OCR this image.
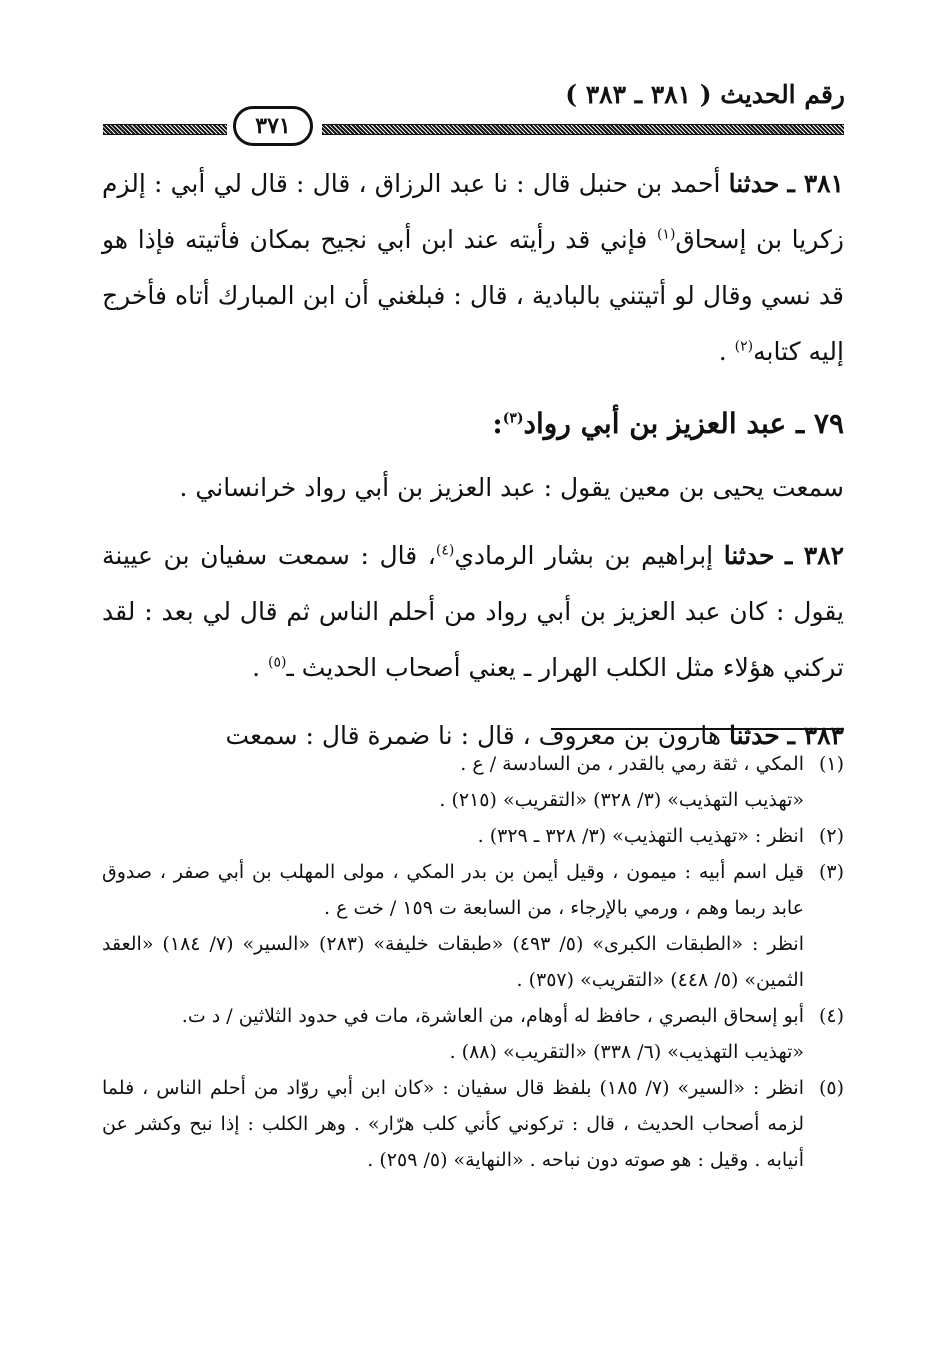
رقم الحديث ( ٣٨١ ـ ٣٨٣ )
٣٧١

٣٨١ ـ حدثنا أحمد بن حنبل قال : نا عبد الرزاق ، قال : قال لي أبي : إلزم زكريا بن إسحاق$^{(١)}$ فإني قد رأيته عند ابن أبي نجيح بمكان فأتيته فإذا هو قد نسي وقال لو أتيتني بالبادية ، قال : فبلغني أن ابن المبارك أتاه فأخرج إليه كتابه$^{(٢)}$ .

٧٩ ـ عبد العزيز بن أبي رواد$^{(٣)}$:

سمعت يحيى بن معين يقول : عبد العزيز بن أبي رواد خرانساني .

٣٨٢ ـ حدثنا إبراهيم بن بشار الرمادي$^{(٤)}$، قال : سمعت سفيان بن عيينة يقول : كان عبد العزيز بن أبي رواد من أحلم الناس ثم قال لي بعد : لقد تركني هؤلاء مثل الكلب الهرار ـ يعني أصحاب الحديث ـ$^{(٥)}$ .

٣٨٣ ـ حدثنا هارون بن معروف ، قال : نا ضمرة قال : سمعت

(١)
المكي ، ثقة رمي بالقدر ، من السادسة / ع .
«تهذيب التهذيب» (٣/ ٣٢٨) «التقريب» (٢١٥) .

(٢)
انظر : «تهذيب التهذيب» (٣/ ٣٢٨ ـ ٣٢٩) .

(٣)
قيل اسم أبيه : ميمون ، وقيل أيمن بن بدر المكي ، مولى المهلب بن أبي صفر ، صدوق عابد ربما وهم ، ورمي بالإرجاء ، من السابعة ت ١٥٩ / خت ع .
انظر : «الطبقات الكبرى» (٥/ ٤٩٣) «طبقات خليفة» (٢٨٣) «السير» (٧/ ١٨٤) «العقد الثمين» (٥/ ٤٤٨) «التقريب» (٣٥٧) .

(٤)
أبو إسحاق البصري ، حافظ له أوهام، من العاشرة، مات في حدود الثلاثين / د ت.
«تهذيب التهذيب» (٦/ ٣٣٨) «التقريب» (٨٨) .

(٥)
انظر : «السير» (٧/ ١٨٥) بلفظ قال سفيان : «كان ابن أبي روّاد من أحلم الناس ، فلما لزمه أصحاب الحديث ، قال : تركوني كأني كلب هرّار» . وهر الكلب : إذا نبح وكشر عن أنيابه . وقيل : هو صوته دون نباحه . «النهاية» (٥/ ٢٥٩) .
